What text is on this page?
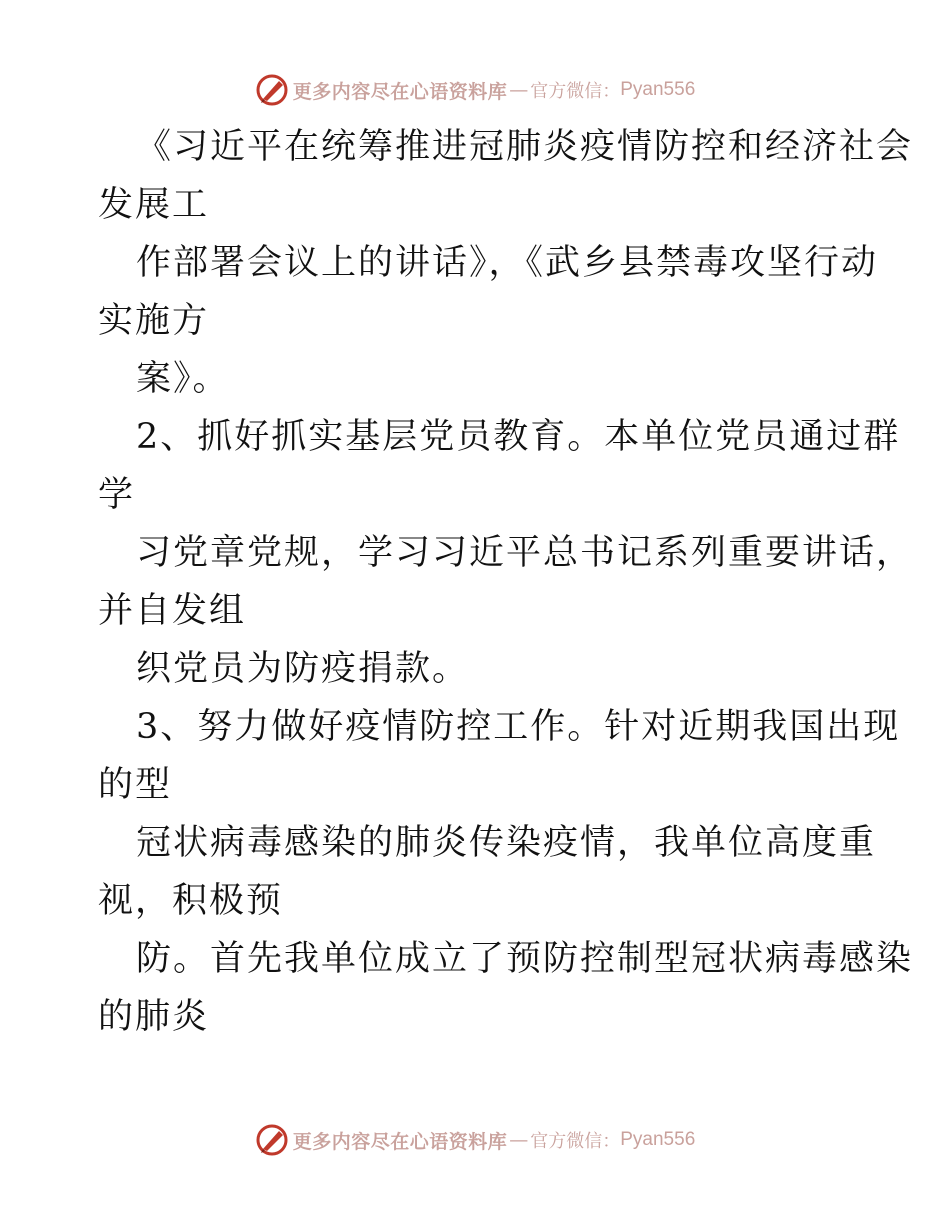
更多内容尽在心语资料库 — 官方微信： Pyan556
《习近平在统筹推进冠肺炎疫情防控和经济社会
发展工
作部署会议上的讲话》，《武乡县禁毒攻坚行动
实施方
案》。
2、抓好抓实基层党员教育。本单位党员通过群
学
习党章党规，学习习近平总书记系列重要讲话，
并自发组
织党员为防疫捐款。
3、努力做好疫情防控工作。针对近期我国出现
的型
冠状病毒感染的肺炎传染疫情，我单位高度重
视，积极预
防。首先我单位成立了预防控制型冠状病毒感染
的肺炎
更多内容尽在心语资料库 — 官方微信： Pyan556
